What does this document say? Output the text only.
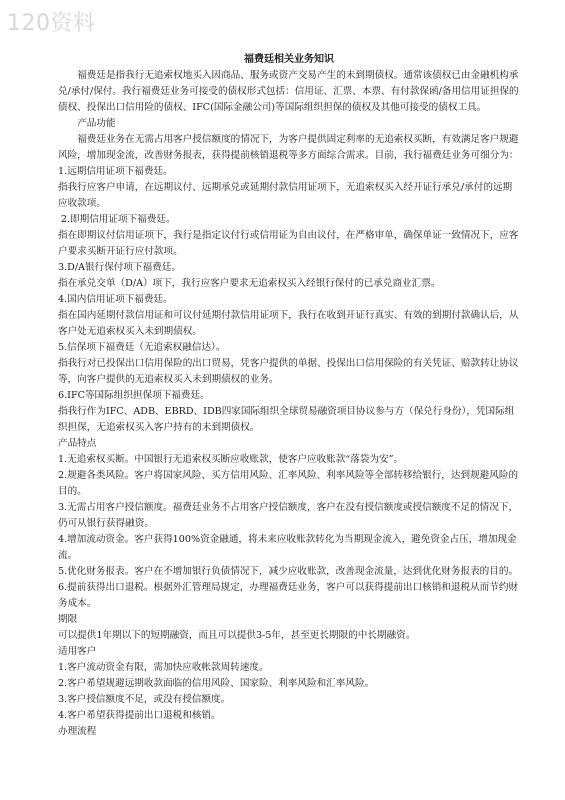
120资料
福费廷相关业务知识

福费廷是指我行无追索权地买入因商品、服务或资产交易产生的未到期债权。通常该债权已由金融机构承兑/承付/保付。我行福费廷业务可接受的债权形式包括：信用证、汇票、本票、有付款保函/备用信用证担保的债权、投保出口信用险的债权、IFC(国际金融公司)等国际组织担保的债权及其他可接受的债权工具。

产品功能

福费廷业务在无需占用客户授信额度的情况下，为客户提供固定利率的无追索权买断，有效满足客户规避风险，增加现金流，改善财务报表，获得提前核销退税等多方面综合需求。目前，我行福费廷业务可细分为：

1.远期信用证项下福费廷。

指我行应客户申请，在远期议付、远期承兑或延期付款信用证项下，无追索权买入经开证行承兑/承付的远期应收款项。

2.即期信用证项下福费廷。

指在即期议付信用证项下，我行是指定议付行或信用证为自由议付，在严格审单，确保单证一致情况下，应客户要求买断开证行应付款项。

3.D/A银行保付项下福费廷。

指在承兑交单（D/A）项下，我行应客户要求无追索权买入经银行保付的已承兑商业汇票。

4.国内信用证项下福费廷。

指在国内延期付款信用证和可议付延期付款信用证项下，我行在收到开证行真实、有效的到期付款确认后，从客户处无追索权买入未到期债权。

5.信保项下福费廷（无追索权融信达）。

指我行对已投保出口信用保险的出口贸易，凭客户提供的单据、投保出口信用保险的有关凭证、赔款转让协议等，向客户提供的无追索权买入未到期债权的业务。

6.IFC等国际组织担保项下福费廷。

指我行作为IFC、ADB、EBRD、IDB四家国际组织全球贸易融资项目协议参与方（保兑行身份），凭国际组织担保，无追索权买入客户持有的未到期债权。

产品特点

1.无追索权买断。中国银行无追索权买断应收账款，使客户应收账款“落袋为安”。

2.规避各类风险。客户将国家风险、买方信用风险、汇率风险、利率风险等全部转移给银行，达到规避风险的目的。

3.无需占用客户授信额度。福费廷业务不占用客户授信额度，客户在没有授信额度或授信额度不足的情况下，仍可从银行获得融资。

4.增加流动资金。客户获得100%资金融通，将未来应收账款转化为当期现金流入，避免资金占压，增加现金流。

5.优化财务报表。客户在不增加银行负债情况下，减少应收账款，改善现金流量，达到优化财务报表的目的。

6.提前获得出口退税。根据外汇管理局规定，办理福费廷业务，客户可以获得提前出口核销和退税从而节约财务成本。

期限

可以提供1年期以下的短期融资，而且可以提供3-5年，甚至更长期限的中长期融资。

适用客户

1.客户流动资金有限，需加快应收帐款周转速度。

2.客户希望规避远期收款面临的信用风险、国家险、利率风险和汇率风险。

3.客户授信额度不足，或没有授信额度。

4.客户希望获得提前出口退税和核销。

办理流程
